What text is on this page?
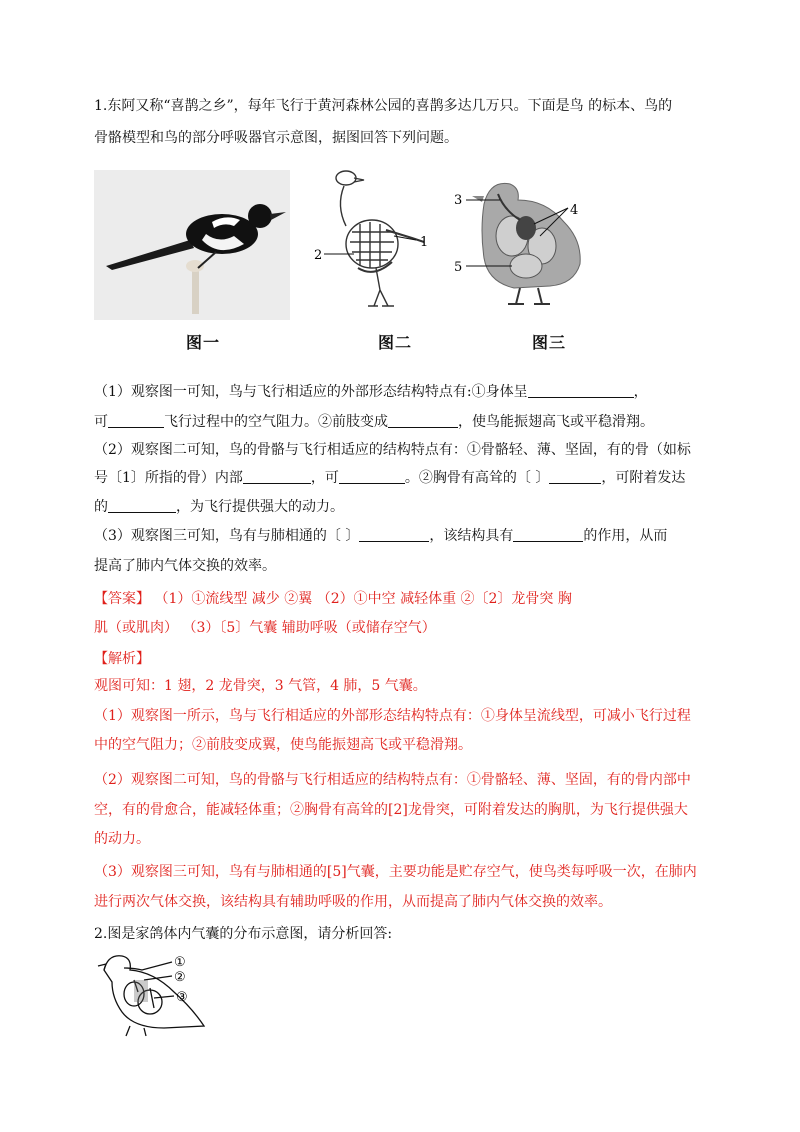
1.东阿又称“喜鹊之乡”，每年飞行于黄河森林公园的喜鹊多达几万只。下面是鸟 的标本、鸟的
骨骼模型和鸟的部分呼吸器官示意图，据图回答下列问题。
1
2
3
4
5
图一	图二	图三
（1）观察图一可知，鸟与飞行相适应的外部形态结构特点有:①身体呈	，
可	飞行过程中的空气阻力。②前肢变成	，使鸟能振翅高飞或平稳滑翔。
（2）观察图二可知，鸟的骨骼与飞行相适应的结构特点有：①骨骼轻、薄、坚固，有的骨（如标
号〔1〕所指的骨）内部	，可	。②胸骨有高耸的〔 〕	，可附着发达
的	，为飞行提供强大的动力。
（3）观察图三可知，鸟有与肺相通的〔 〕	，该结构具有	的作用，从而
提高了肺内气体交换的效率。
【答案】 （1）①流线型 减少 ②翼 （2）①中空 减轻体重 ②〔2〕龙骨突 胸
肌（或肌肉） （3）〔5〕气囊 辅助呼吸（或储存空气）
【解析】
观图可知：1 翅，2 龙骨突，3 气管，4 肺，5 气囊。
（1）观察图一所示，鸟与飞行相适应的外部形态结构特点有：①身体呈流线型，可减小飞行过程
中的空气阻力；②前肢变成翼，使鸟能振翅高飞或平稳滑翔。
（2）观察图二可知，鸟的骨骼与飞行相适应的结构特点有：①骨骼轻、薄、坚固，有的骨内部中
空，有的骨愈合，能减轻体重；②胸骨有高耸的[2]龙骨突，可附着发达的胸肌，为飞行提供强大
的动力。
（3）观察图三可知，鸟有与肺相通的[5]气囊，主要功能是贮存空气，使鸟类每呼吸一次，在肺内
进行两次气体交换，该结构具有辅助呼吸的作用，从而提高了肺内气体交换的效率。
2.图是家鸽体内气囊的分布示意图，请分析回答:
①
②
③
